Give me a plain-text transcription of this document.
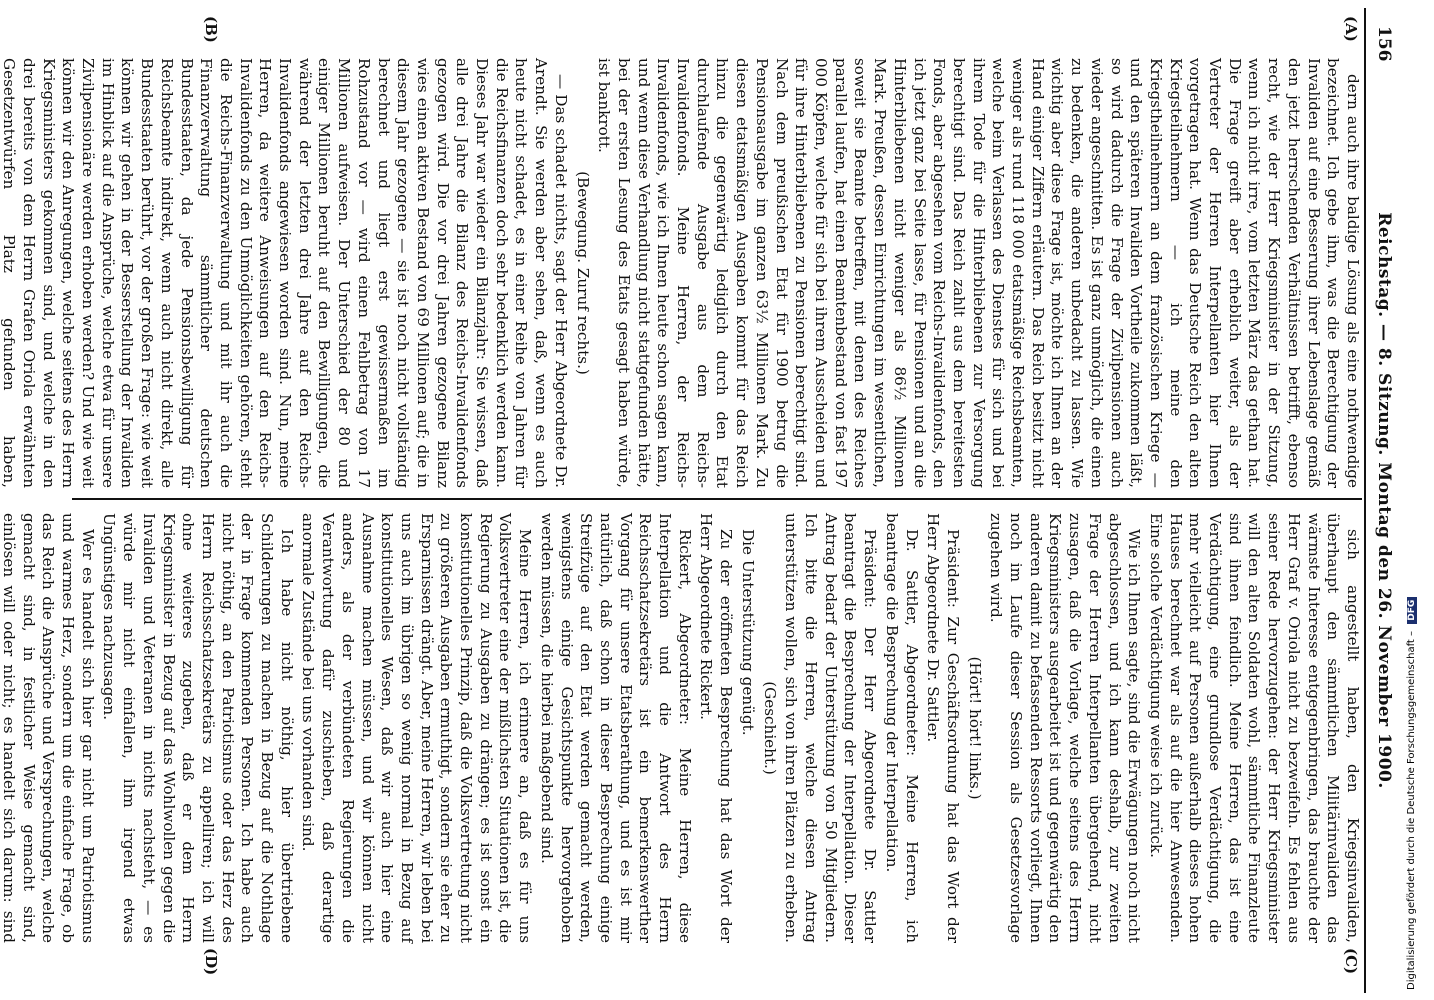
156
Reichstag. — 8. Sitzung. Montag den 26. November 1900.
(A)
(B)
(C)
(D)

dern auch ihre baldige Lösung als eine nothwendige bezeichnet. Ich gebe ihm, was die Berechtigung der Invaliden auf eine Besserung ihrer Lebenslage gemäß den jetzt herrschenden Verhältnissen betrifft, ebenso recht, wie der Herr Kriegsminister in der Sitzung, wenn ich nicht irre, vom letzten März das gethan hat. Die Frage greift aber erheblich weiter, als der Vertreter der Herren Interpellanten hier Ihnen vorgetragen hat. Wenn das Deutsche Reich den alten Kriegsteilnehmern — ich meine den Kriegstheilnehmern an dem französischen Kriege — und den späteren Invaliden Vortheile zukommen läßt, so wird dadurch die Frage der Zivilpensionen auch wieder angeschnitten. Es ist ganz unmöglich, die einen zu bedenken, die anderen unbedacht zu lassen. Wie wichtig aber diese Frage ist, möchte ich Ihnen an der Hand einiger Ziffern erläutern. Das Reich besitzt nicht weniger als rund 118 000 etatsmäßige Reichsbeamten, welche beim Verlassen des Dienstes für sich und bei ihrem Tode für die Hinterbliebenen zur Versorgung berechtigt sind. Das Reich zahlt aus dem bereitesten Fonds, aber abgesehen vom Reichs-Invalidenfonds, den ich jetzt ganz bei Seite lasse, für Pensionen und an die Hinterbliebenen nicht weniger als 86½ Millionen Mark. Preußen, dessen Einrichtungen im wesentlichen, soweit sie Beamte betreffen, mit denen des Reiches parallel laufen, hat einen Beamtenbestand von fast 197 000 Köpfen, welche für sich bei ihrem Ausscheiden und für ihre Hinterbliebenen zu Pensionen berechtigt sind. Nach dem preußischen Etat für 1900 betrug die Pensionsausgabe im ganzen 63½ Millionen Mark. Zu diesen etatsmäßigen Ausgaben kommt für das Reich hinzu die gegenwärtig lediglich durch den Etat durchlaufende Ausgabe aus dem Reichs-Invalidenfonds. Meine Herren, der Reichs-Invalidenfonds, wie ich Ihnen heute schon sagen kann, und wenn diese Verhandlung nicht stattgefunden hätte, bei der ersten Lesung des Etats gesagt haben würde, ist bankrott.

(Bewegung. Zuruf rechts.)

— Das schadet nichts, sagt der Herr Abgeordnete Dr. Arendt. Sie werden aber sehen, daß, wenn es auch heute nicht schadet, es in einer Reihe von Jahren für die Reichsfinanzen doch sehr bedenklich werden kann. Dieses Jahr war wieder ein Bilanzjahr: Sie wissen, daß alle drei Jahre die Bilanz des Reichs-Invalidenfonds gezogen wird. Die vor drei Jahren gezogene Bilanz wies einen aktiven Bestand von 69 Millionen auf; die in diesem Jahr gezogene — sie ist noch nicht vollständig berechnet und liegt erst gewissermaßen im Rohzustand vor — wird einen Fehlbetrag von 17 Millionen aufweisen. Der Unterschied der 80 und einiger Millionen beruht auf den Bewilligungen, die während der letzten drei Jahre auf den Reichs-Invalidenfonds angewiesen worden sind. Nun, meine Herren, da weitere Anweisungen auf den Reichs-Invalidenfonds zu den Unmöglichkeiten gehören, steht die Reichs-Finanzverwaltung und mit ihr auch die Finanzverwaltung sämmtlicher deutschen Bundesstaaten, da jede Pensionsbewilligung für Reichsbeamte indirekt, wenn auch nicht direkt, alle Bundesstaaten berührt, vor der großen Frage: wie weit können wir gehen in der Besserstellung der Invaliden im Hinblick auf die Ansprüche, welche etwa für unsere Zivilpensionäre werden erhoben werden? Und wie weit können wir den Anregungen, welche seitens des Herrn Kriegsministers gekommen sind, und welche in den drei bereits von dem Herrn Grafen Oriola erwähnten Gesetzentwürfen Platz gefunden haben,

sich angestellt haben, den Kriegsinvaliden, überhaupt den sämmtlichen Militärinvaliden das wärmste Interesse entgegenbringen, das brauchte der Herr Graf v. Oriola nicht zu bezweifeln. Es fehlen aus seiner Rede hervorzugehen: der Herr Kriegsminister will den alten Soldaten wohl, sämmtliche Finanzleute sind ihnen feindlich. Meine Herren, das ist eine Verdächtigung, eine grundlose Verdächtigung, die mehr vielleicht auf Personen außerhalb dieses hohen Hauses berechnet war als auf die hier Anwesenden. Eine solche Verdächtigung weise ich zurück.

Wie ich Ihnen sagte, sind die Erwägungen noch nicht abgeschlossen, und ich kann deshalb, zur zweiten Frage der Herren Interpellanten übergehend, nicht zusagen, daß die Vorlage, welche seitens des Herrn Kriegsministers ausgearbeitet ist und gegenwärtig den anderen damit zu befassenden Ressorts vorliegt, Ihnen noch im Laufe dieser Session als Gesetzesvorlage zugehen wird.

(Hört! hört! links.)

Präsident: Zur Geschäftsordnung hat das Wort der Herr Abgeordnete Dr. Sattler.

Dr. Sattler, Abgeordneter: Meine Herren, ich beantrage die Besprechung der Interpellation.

Präsident: Der Herr Abgeordnete Dr. Sattler beantragt die Besprechung der Interpellation. Dieser Antrag bedarf der Unterstützung von 50 Mitgliedern. Ich bitte die Herren, welche diesen Antrag unterstützen wollen, sich von ihren Plätzen zu erheben.

(Geschieht.)

Die Unterstützung genügt.

Zu der eröffneten Besprechung hat das Wort der Herr Abgeordnete Rickert.

Rickert, Abgeordneter: Meine Herren, diese Interpellation und die Antwort des Herrn Reichsschatzsekretärs ist ein bemerkenswerther Vorgang für unsere Etatsberathung, und es ist mir natürlich, daß schon in dieser Besprechung einige Streifzüge auf den Etat werden gemacht werden, wenigstens einige Gesichtspunkte hervorgehoben werden müssen, die hierbei maßgebend sind.

Meine Herren, ich erinnere an, daß es für uns Volksvertreter eine der mißlichsten Situationen ist, die Regierung zu Ausgaben zu drängen; es ist sonst ein konstitutionelles Prinzip, daß die Volksvertretung nicht zu größeren Ausgaben ermuthigt, sondern sie eher zu Ersparnissen drängt. Aber, meine Herren, wir leben bei uns auch im übrigen so wenig normal in Bezug auf konstitutionelles Wesen, daß wir auch hier eine Ausnahme machen müssen, und wir können nicht anders, als der verbündeten Regierungen die Verantwortung dafür zuschieben, daß derartige anormale Zustände bei uns vorhanden sind.

Ich habe nicht nöthig, hier übertriebene Schilderungen zu machen in Bezug auf die Nothlage der in Frage kommenden Personen. Ich habe auch nicht nöthig, an den Patriotismus oder das Herz des Herrn Reichsschatzsekretärs zu appelliren; ich will ohne weiteres zugeben, daß er dem Herrn Kriegsminister in Bezug auf das Wohlwollen gegen die Invaliden und Veteranen in nichts nachsteht, — es würde mir nicht einfallen, ihm irgend etwas Ungünstiges nachzusagen.

Wer es handelt sich hier gar nicht um Patriotismus und warmes Herz, sondern um die einfache Frage, ob das Reich die Ansprüche und Versprechungen, welche gemacht sind, in festlicher Weise gemacht sind, einlösen will oder nicht; es handelt sich darum: sind	Digitalisierung gefördert durch die Deutsche Forschungsgemeinschaft – DFG
